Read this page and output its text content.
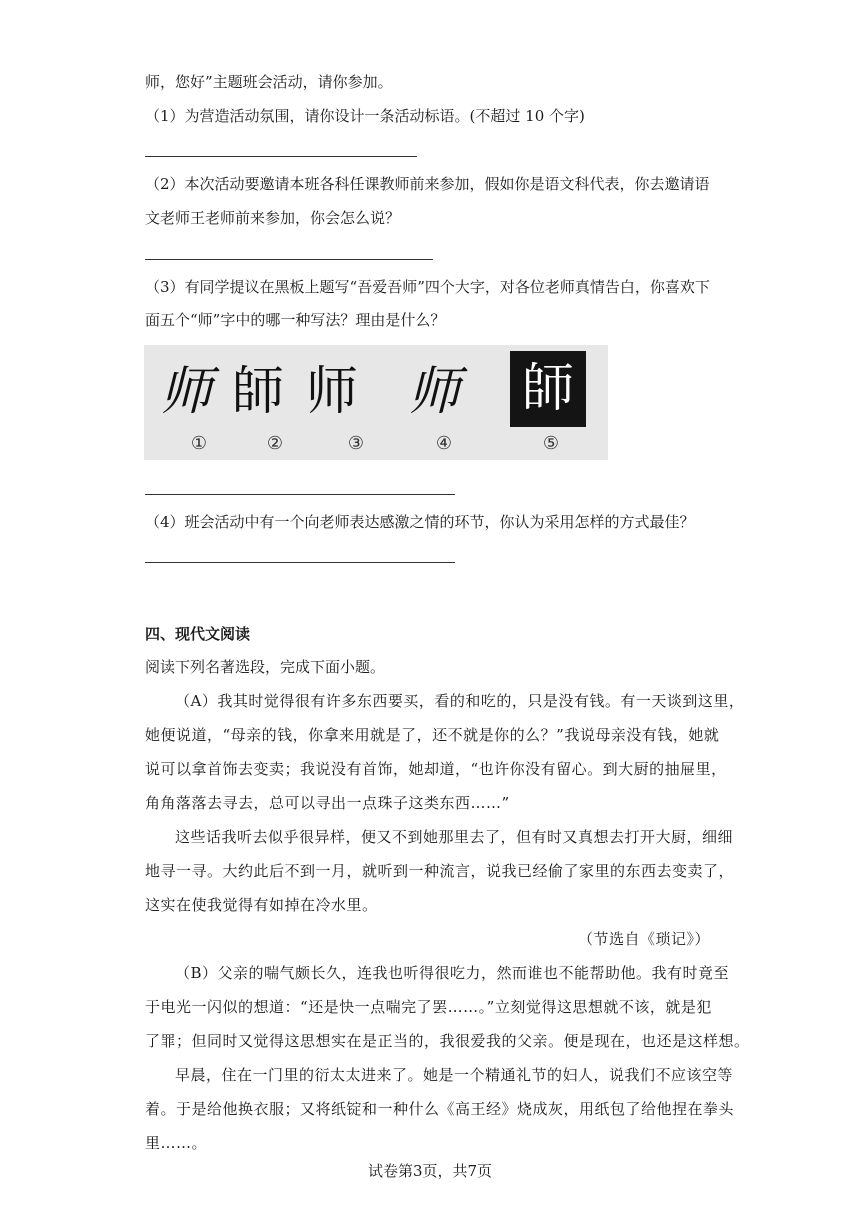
师，您好”主题班会活动，请你参加。
（1）为营造活动氛围，请你设计一条活动标语。(不超过 10 个字)
（2）本次活动要邀请本班各科任课教师前来参加，假如你是语文科代表，你去邀请语
文老师王老师前来参加，你会怎么说？
（3）有同学提议在黑板上题写“吾爱吾师”四个大字，对各位老师真情告白，你喜欢下
面五个“师”字中的哪一种写法？理由是什么？
师 師 师 师 師
①	②	③	④	⑤
（4）班会活动中有一个向老师表达感激之情的环节，你认为采用怎样的方式最佳？
四、现代文阅读
阅读下列名著选段，完成下面小题。
（A）我其时觉得很有许多东西要买，看的和吃的，只是没有钱。有一天谈到这里，
她便说道，“母亲的钱，你拿来用就是了，还不就是你的么？”我说母亲没有钱，她就
说可以拿首饰去变卖；我说没有首饰，她却道，“也许你没有留心。到大厨的抽屉里，
角角落落去寻去，总可以寻出一点珠子这类东西……”
这些话我听去似乎很异样，便又不到她那里去了，但有时又真想去打开大厨，细细
地寻一寻。大约此后不到一月，就听到一种流言，说我已经偷了家里的东西去变卖了，
这实在使我觉得有如掉在冷水里。
（节选自《琐记》）
（B）父亲的喘气颇长久，连我也听得很吃力，然而谁也不能帮助他。我有时竟至
于电光一闪似的想道：“还是快一点喘完了罢……。”立刻觉得这思想就不该，就是犯
了罪；但同时又觉得这思想实在是正当的，我很爱我的父亲。便是现在，也还是这样想。
早晨，住在一门里的衍太太进来了。她是一个精通礼节的妇人，说我们不应该空等
着。于是给他换衣服；又将纸锭和一种什么《高王经》烧成灰，用纸包了给他捏在拳头
里……。
试卷第3页，共7页
